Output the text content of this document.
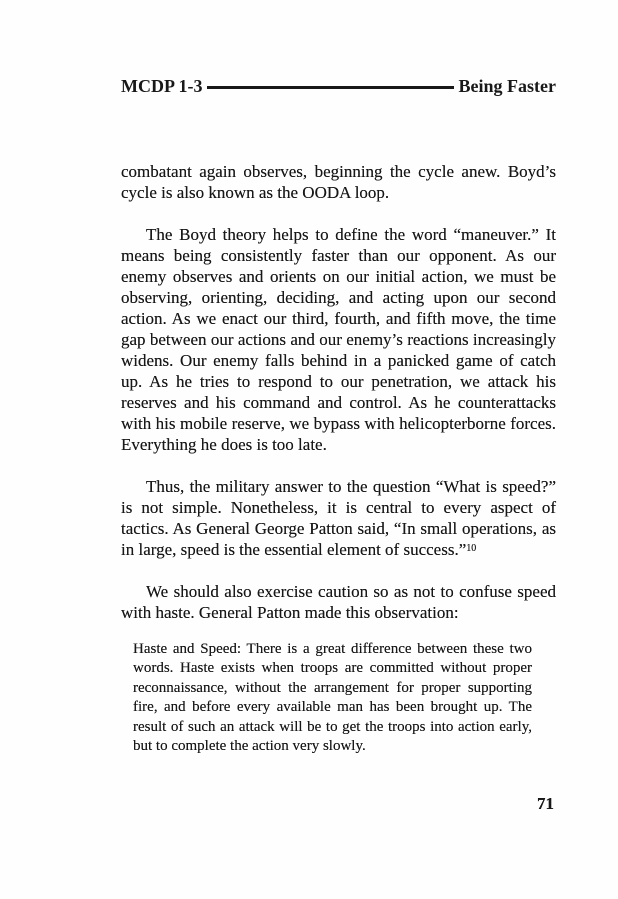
MCDP 1-3	Being Faster

combatant again observes, beginning the cycle anew. Boyd’s cycle is also known as the OODA loop.

The Boyd theory helps to define the word “maneuver.” It means being consistently faster than our opponent. As our enemy observes and orients on our initial action, we must be observing, orienting, deciding, and acting upon our second action. As we enact our third, fourth, and fifth move, the time gap between our actions and our enemy’s reactions increasingly widens. Our enemy falls behind in a panicked game of catch up. As he tries to respond to our penetration, we attack his reserves and his command and control. As he counterattacks with his mobile reserve, we bypass with helicopterborne forces. Everything he does is too late.

Thus, the military answer to the question “What is speed?” is not simple. Nonetheless, it is central to every aspect of tactics. As General George Patton said, “In small operations, as in large, speed is the essential element of success.”$^{10}$

We should also exercise caution so as not to confuse speed with haste. General Patton made this observation:

Haste and Speed: There is a great difference between these two words. Haste exists when troops are committed without proper reconnaissance, without the arrangement for proper supporting fire, and before every available man has been brought up. The result of such an attack will be to get the troops into action early, but to complete the action very slowly.
71
